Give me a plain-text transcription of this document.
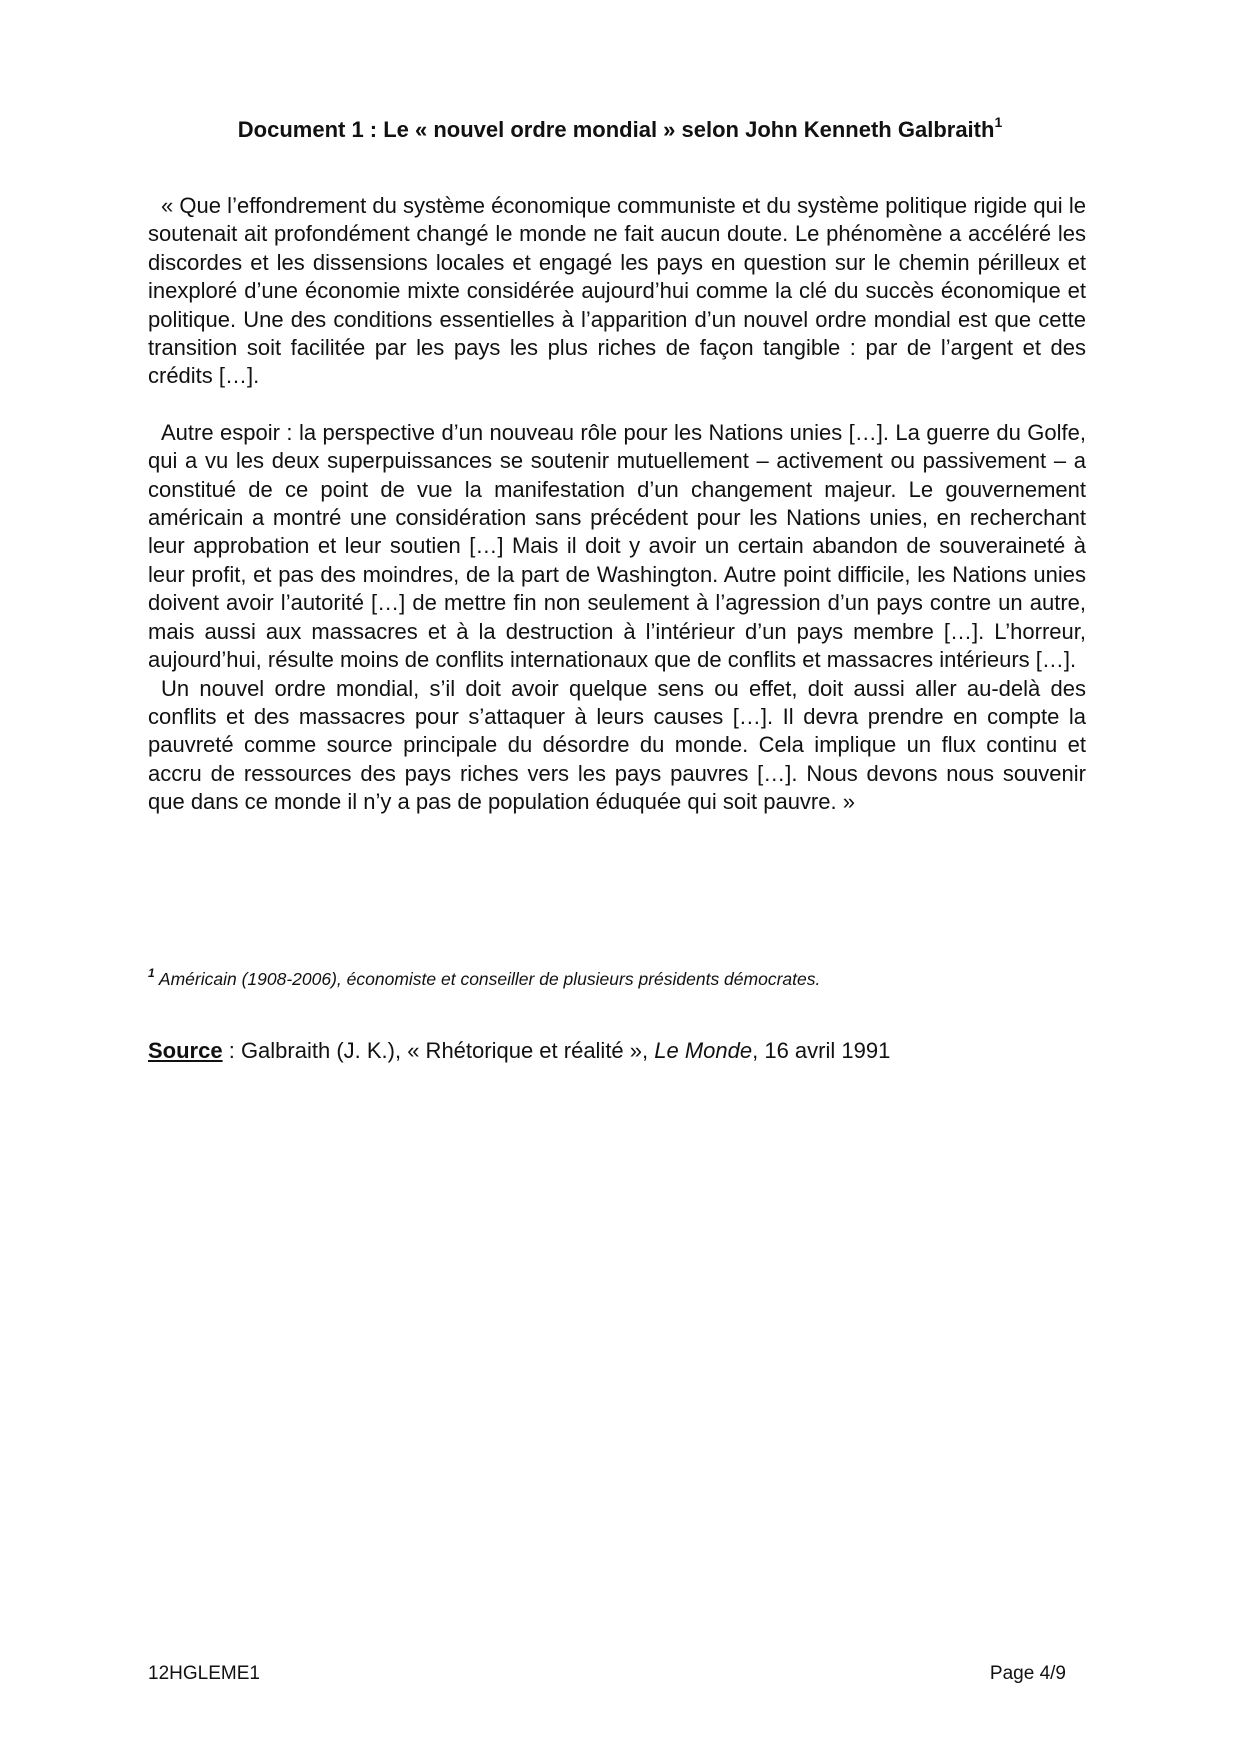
Document 1 : Le « nouvel ordre mondial » selon John Kenneth Galbraith$^1$

« Que l’effondrement du système économique communiste et du système politique rigide qui le soutenait ait profondément changé le monde ne fait aucun doute. Le phénomène a accéléré les discordes et les dissensions locales et engagé les pays en question sur le chemin périlleux et inexploré d’une économie mixte considérée aujourd’hui comme la clé du succès économique et politique. Une des conditions essentielles à l’apparition d’un nouvel ordre mondial est que cette transition soit facilitée par les pays les plus riches de façon tangible : par de l’argent et des crédits […].

Autre espoir : la perspective d’un nouveau rôle pour les Nations unies […]. La guerre du Golfe, qui a vu les deux superpuissances se soutenir mutuellement – activement ou passivement – a constitué de ce point de vue la manifestation d’un changement majeur. Le gouvernement américain a montré une considération sans précédent pour les Nations unies, en recherchant leur approbation et leur soutien […] Mais il doit y avoir un certain abandon de souveraineté à leur profit, et pas des moindres, de la part de Washington. Autre point difficile, les Nations unies doivent avoir l’autorité […] de mettre fin non seulement à l’agression d’un pays contre un autre, mais aussi aux massacres et à la destruction à l’intérieur d’un pays membre […]. L’horreur, aujourd’hui, résulte moins de conflits internationaux que de conflits et massacres intérieurs […].

Un nouvel ordre mondial, s’il doit avoir quelque sens ou effet, doit aussi aller au-delà des conflits et des massacres pour s’attaquer à leurs causes […]. Il devra prendre en compte la pauvreté comme source principale du désordre du monde. Cela implique un flux continu et accru de ressources des pays riches vers les pays pauvres […]. Nous devons nous souvenir que dans ce monde il n’y a pas de population éduquée qui soit pauvre. »

$^1$ Américain (1908-2006), économiste et conseiller de plusieurs présidents démocrates.
Source : Galbraith (J. K.), « Rhétorique et réalité », Le Monde, 16 avril 1991
12HGLEME1	Page 4/9
